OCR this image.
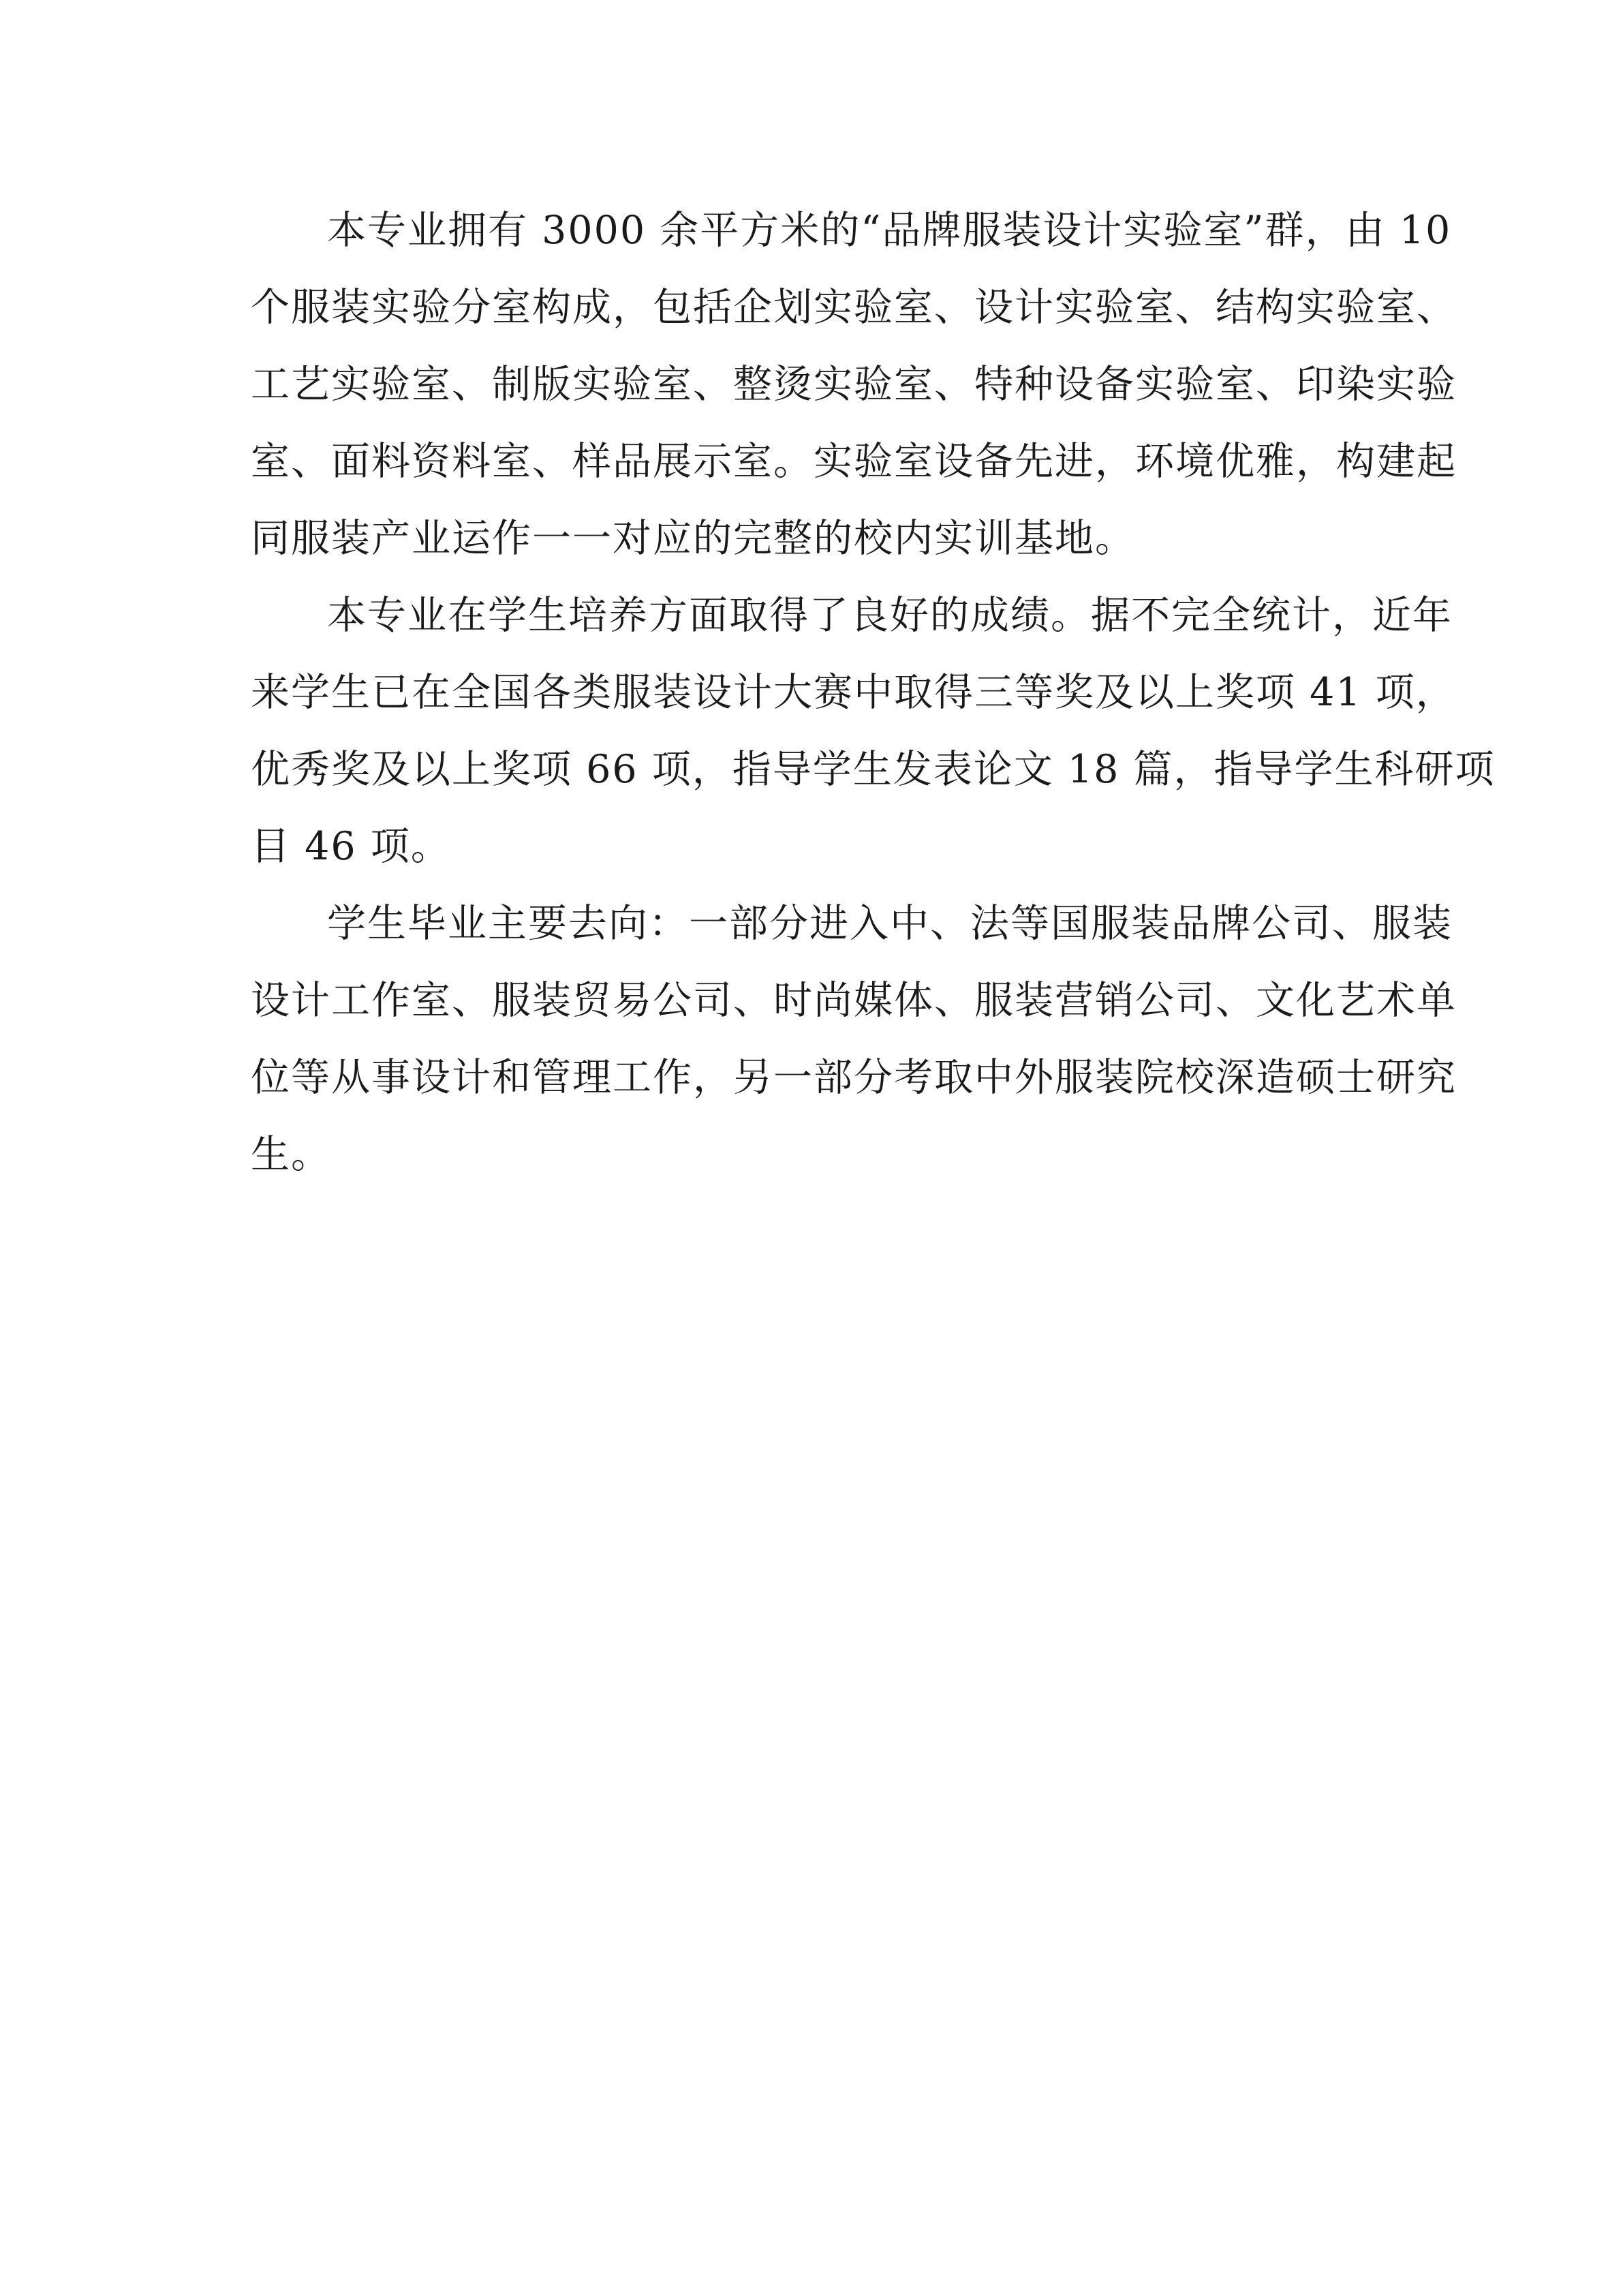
本专业拥有 3000 余平方米的“品牌服装设计实验室”群，由 10
个服装实验分室构成，包括企划实验室、设计实验室、结构实验室、
工艺实验室、制版实验室、整烫实验室、特种设备实验室、印染实验
室、面料资料室、样品展示室。实验室设备先进，环境优雅，构建起
同服装产业运作一一对应的完整的校内实训基地。

本专业在学生培养方面取得了良好的成绩。据不完全统计，近年
来学生已在全国各类服装设计大赛中取得三等奖及以上奖项 41 项，
优秀奖及以上奖项 66 项，指导学生发表论文 18 篇，指导学生科研项
目 46 项。

学生毕业主要去向：一部分进入中、法等国服装品牌公司、服装
设计工作室、服装贸易公司、时尚媒体、服装营销公司、文化艺术单
位等从事设计和管理工作，另一部分考取中外服装院校深造硕士研究
生。
